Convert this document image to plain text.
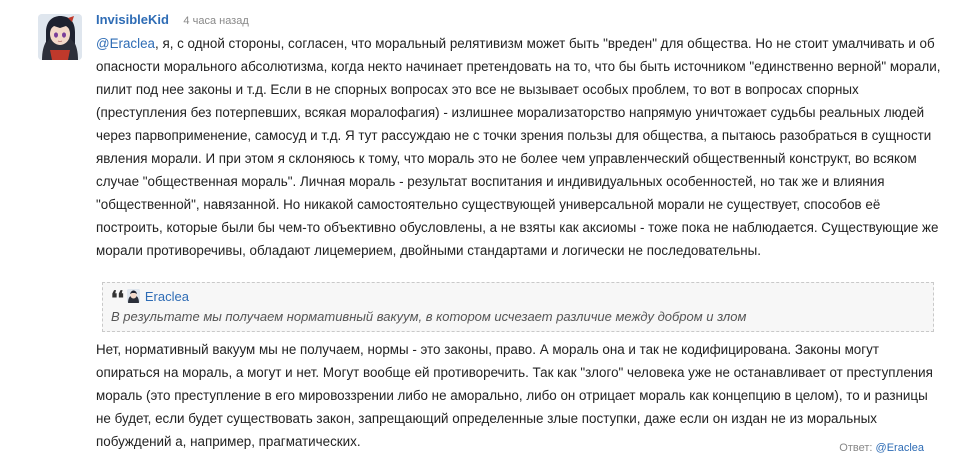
InvisibleKid 4 часа назад
@Eraclea, я, с одной стороны, согласен, что моральный релятивизм может быть "вреден" для общества. Но не стоит умалчивать и об опасности морального абсолютизма, когда некто начинает претендовать на то, что бы быть источником "единственно верной" морали, пилит под нее законы и т.д. Если в не спорных вопросах это все не вызывает особых проблем, то вот в вопросах спорных (преступления без потерпевших, всякая моралофагия) - излишнее морализаторство напрямую уничтожает судьбы реальных людей через парвоприменение, самосуд и т.д. Я тут рассуждаю не с точки зрения пользы для общества, а пытаюсь разобраться в сущности явления морали. И при этом я склоняюсь к тому, что мораль это не более чем управленческий общественный конструкт, во всяком случае "общественная мораль". Личная мораль - результат воспитания и индивидуальных особенностей, но так же и влияния "общественной", навязанной. Но никакой самостоятельно существующей универсальной морали не существует, способов её построить, которые были бы чем-то объективно обусловлены, а не взяты как аксиомы - тоже пока не наблюдается. Существующие же морали противоречивы, обладают лицемерием, двойными стандартами и логически не последовательны.
❛❛ Eraclea
В результате мы получаем нормативный вакуум, в котором исчезает различие между добром и злом
Нет, нормативный вакуум мы не получаем, нормы - это законы, право. А мораль она и так не кодифицирована. Законы могут опираться на мораль, а могут и нет. Могут вообще ей противоречить. Так как "злого" человека уже не останавливает от преступления мораль (это преступление в его мировоззрении либо не аморально, либо он отрицает мораль как концепцию в целом), то и разницы не будет, если будет существовать закон, запрещающий определенные злые поступки, даже если он издан не из моральных побуждений а, например, прагматических.	Ответ: @Eraclea
